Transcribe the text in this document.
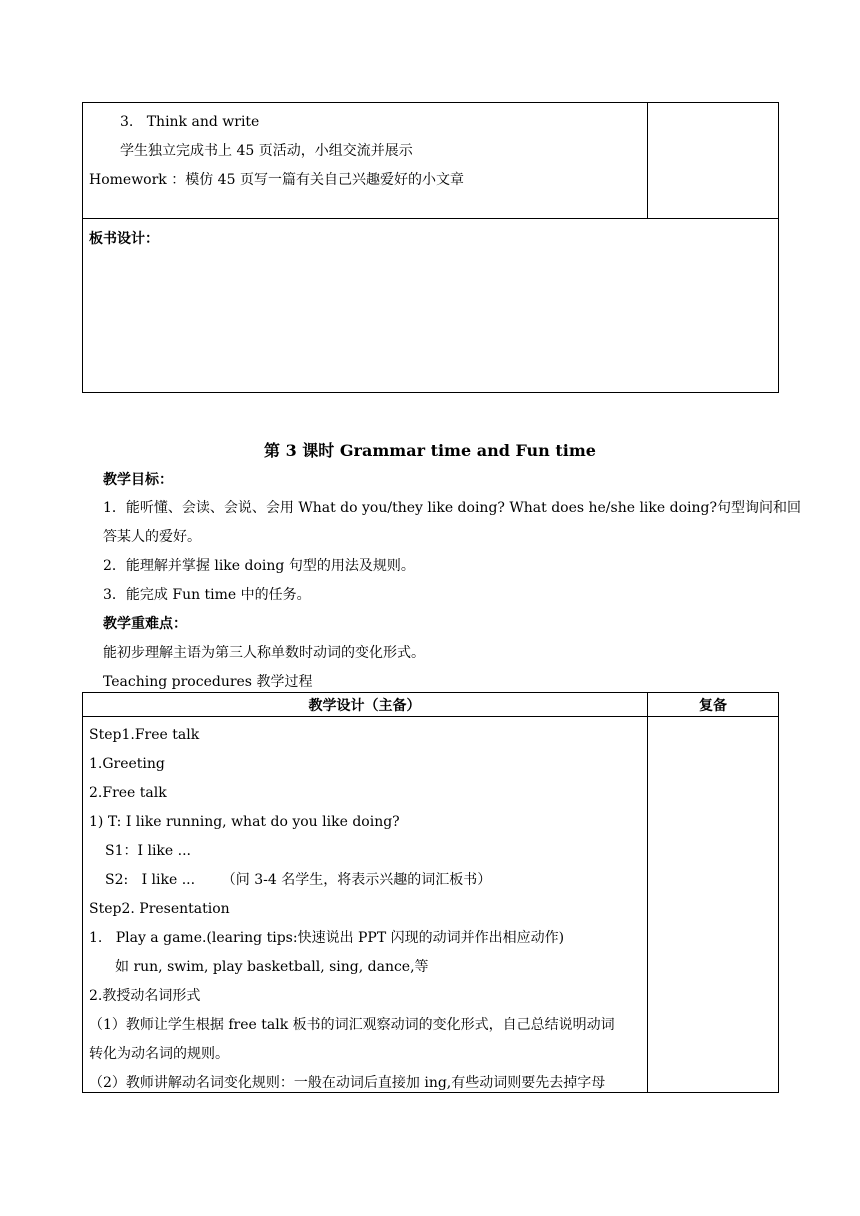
3.   Think and write
学生独立完成书上 45 页活动，小组交流并展示
Homework ：模仿 45 页写一篇有关自己兴趣爱好的小文章
板书设计：
第 3 课时 Grammar time and Fun time
教学目标：
1．能听懂、会读、会说、会用 What do you/they like doing? What does he/she like doing?句型询问和回
答某人的爱好。
2．能理解并掌握 like doing 句型的用法及规则。
3．能完成 Fun time 中的任务。
教学重难点：
能初步理解主语为第三人称单数时动词的变化形式。
Teaching procedures 教学过程
教学设计（主备）	复备
Step1.Free talk
1.Greeting
2.Free talk
1) T: I like running, what do you like doing?
S1：I like ...
S2:   I like ...      （问 3-4 名学生，将表示兴趣的词汇板书）
Step2. Presentation
1.   Play a game.(learing tips:快速说出 PPT 闪现的动词并作出相应动作)
如 run, swim, play basketball, sing, dance,等
2.教授动名词形式
（1）教师让学生根据 free talk 板书的词汇观察动词的变化形式，自己总结说明动词
转化为动名词的规则。
（2）教师讲解动名词变化规则：一般在动词后直接加 ing,有些动词则要先去掉字母
